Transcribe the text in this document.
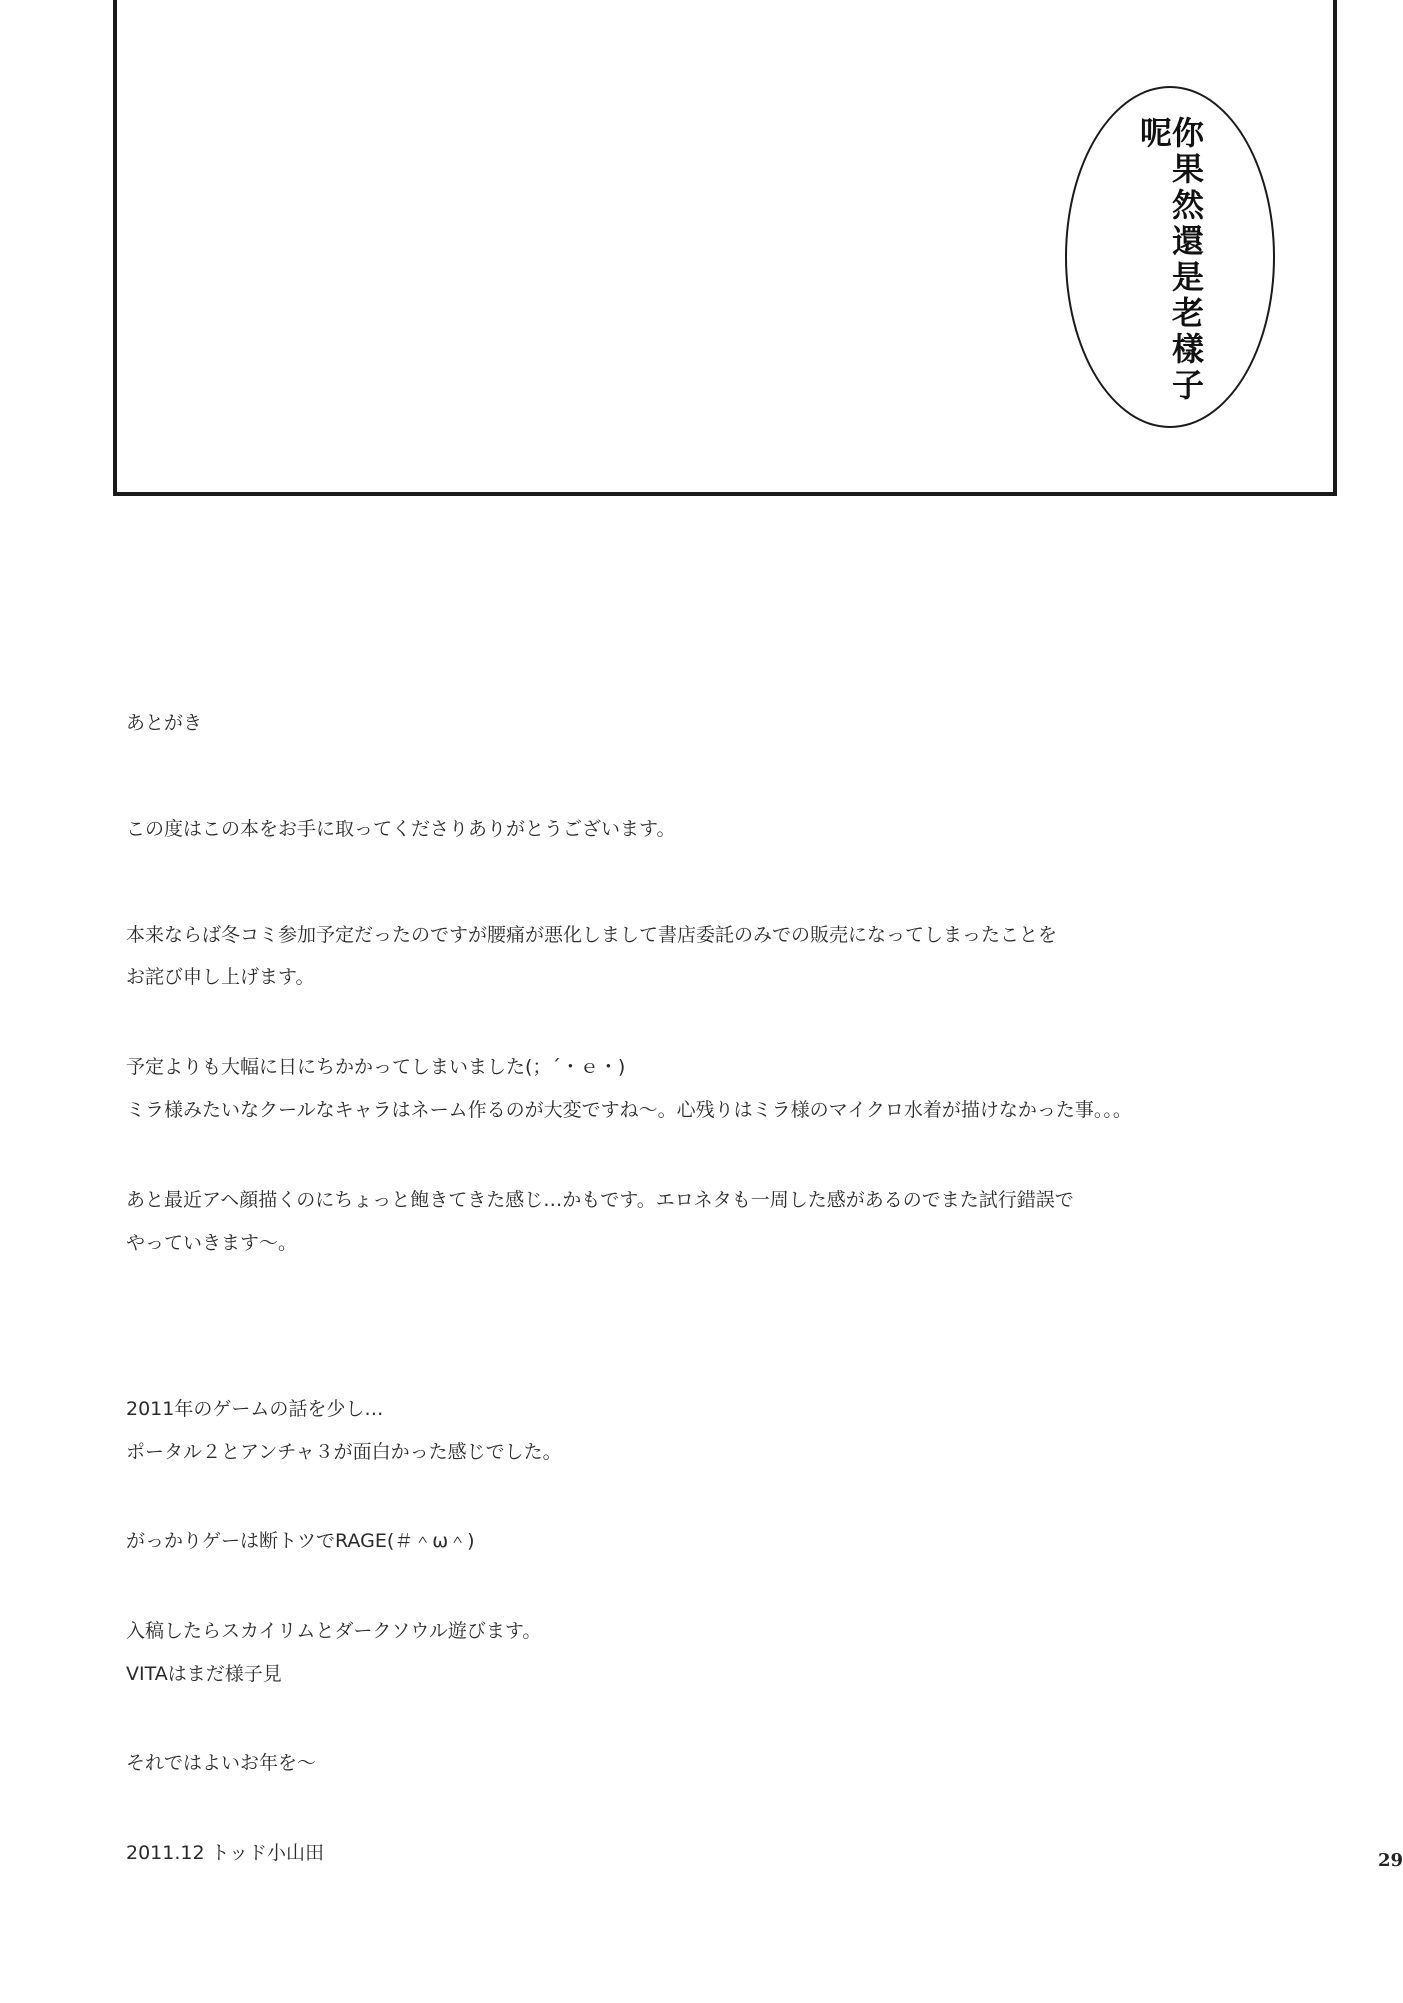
你果然還是老樣子呢
あとがき
この度はこの本をお手に取ってくださりありがとうございます。
本来ならば冬コミ参加予定だったのですが腰痛が悪化しまして書店委託のみでの販売になってしまったことを
お詫び申し上げます。
予定よりも大幅に日にちかかってしまいました(；´・ｅ・)
ミラ様みたいなクールなキャラはネーム作るのが大変ですね～。心残りはミラ様のマイクロ水着が描けなかった事。。。
あと最近アヘ顔描くのにちょっと飽きてきた感じ…かもです。エロネタも一周した感があるのでまた試行錯誤で
やっていきます～。
2011年のゲームの話を少し…
ポータル２とアンチャ３が面白かった感じでした。
がっかりゲーは断トツでRAGE(＃＾ω＾)
入稿したらスカイリムとダークソウル遊びます。
VITAはまだ様子見
それではよいお年を～
2011.12 トッド小山田	29
